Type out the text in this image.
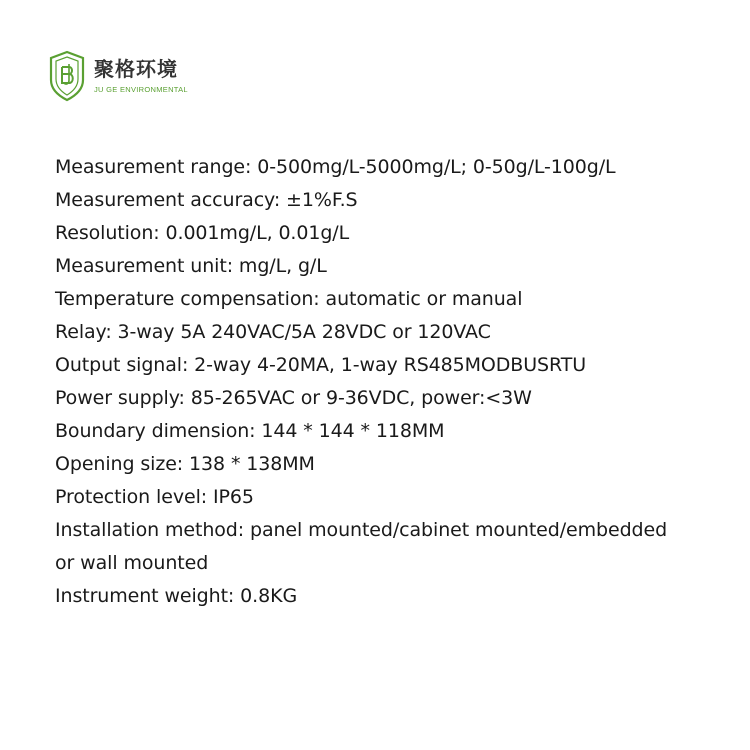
聚格环境
JU GE ENVIRONMENTAL
Measurement range: 0-500mg/L-5000mg/L; 0-50g/L-100g/L
Measurement accuracy: ±1%F.S
Resolution: 0.001mg/L, 0.01g/L
Measurement unit: mg/L, g/L
Temperature compensation: automatic or manual
Relay: 3-way 5A 240VAC/5A 28VDC or 120VAC
Output signal: 2-way 4-20MA, 1-way RS485MODBUSRTU
Power supply: 85-265VAC or 9-36VDC, power:<3W
Boundary dimension: 144 * 144 * 118MM
Opening size: 138 * 138MM
Protection level: IP65
Installation method: panel mounted/cabinet mounted/embedded
or wall mounted
Instrument weight: 0.8KG
